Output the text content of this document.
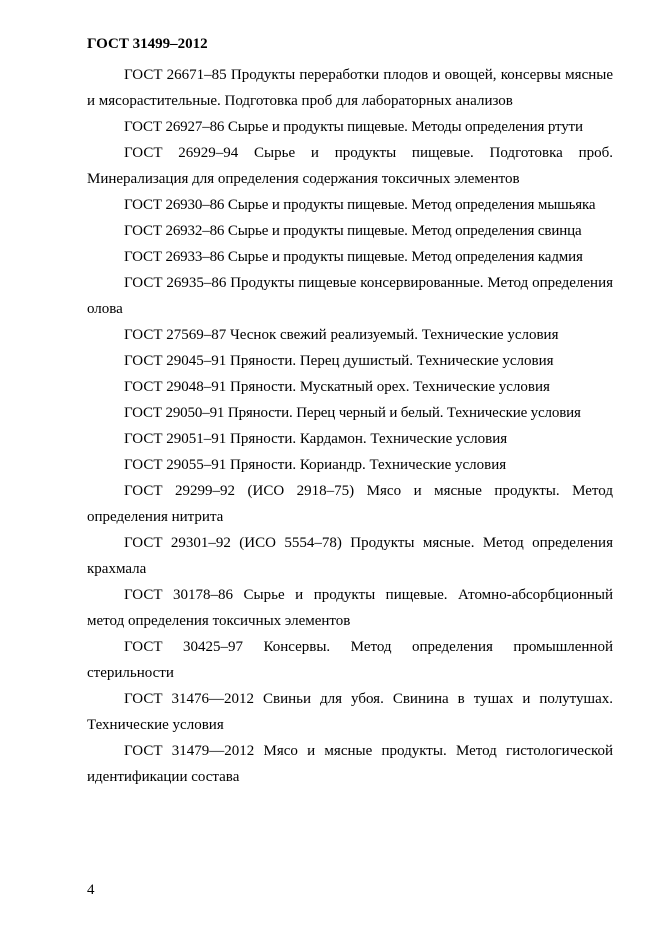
ГОСТ 31499–2012

ГОСТ 26671–85 Продукты переработки плодов и овощей, консервы мясные и мясорастительные. Подготовка проб для лабораторных анализов

ГОСТ 26927–86 Сырье и продукты пищевые. Методы определения ртути

ГОСТ 26929–94 Сырье и продукты пищевые. Подготовка проб. Минерализация для определения содержания токсичных элементов

ГОСТ 26930–86 Сырье и продукты пищевые. Метод определения мышьяка

ГОСТ 26932–86 Сырье и продукты пищевые. Метод определения свинца

ГОСТ 26933–86 Сырье и продукты пищевые. Метод определения кадмия

ГОСТ 26935–86 Продукты пищевые консервированные. Метод определения олова

ГОСТ 27569–87 Чеснок свежий реализуемый. Технические условия

ГОСТ 29045–91 Пряности. Перец душистый. Технические условия

ГОСТ 29048–91 Пряности. Мускатный орех. Технические условия

ГОСТ 29050–91 Пряности. Перец черный и белый. Технические условия

ГОСТ 29051–91 Пряности. Кардамон. Технические условия

ГОСТ 29055–91 Пряности. Кориандр. Технические условия

ГОСТ 29299–92 (ИСО 2918–75) Мясо и мясные продукты. Метод определения нитрита

ГОСТ 29301–92 (ИСО 5554–78) Продукты мясные. Метод определения крахмала

ГОСТ 30178–86 Сырье и продукты пищевые. Атомно-абсорбционный метод определения токсичных элементов

ГОСТ 30425–97 Консервы. Метод определения промышленной стерильности

ГОСТ 31476—2012 Свиньи для убоя. Свинина в тушах и полутушах. Технические условия

ГОСТ 31479—2012 Мясо и мясные продукты. Метод гистологической идентификации состава

4
